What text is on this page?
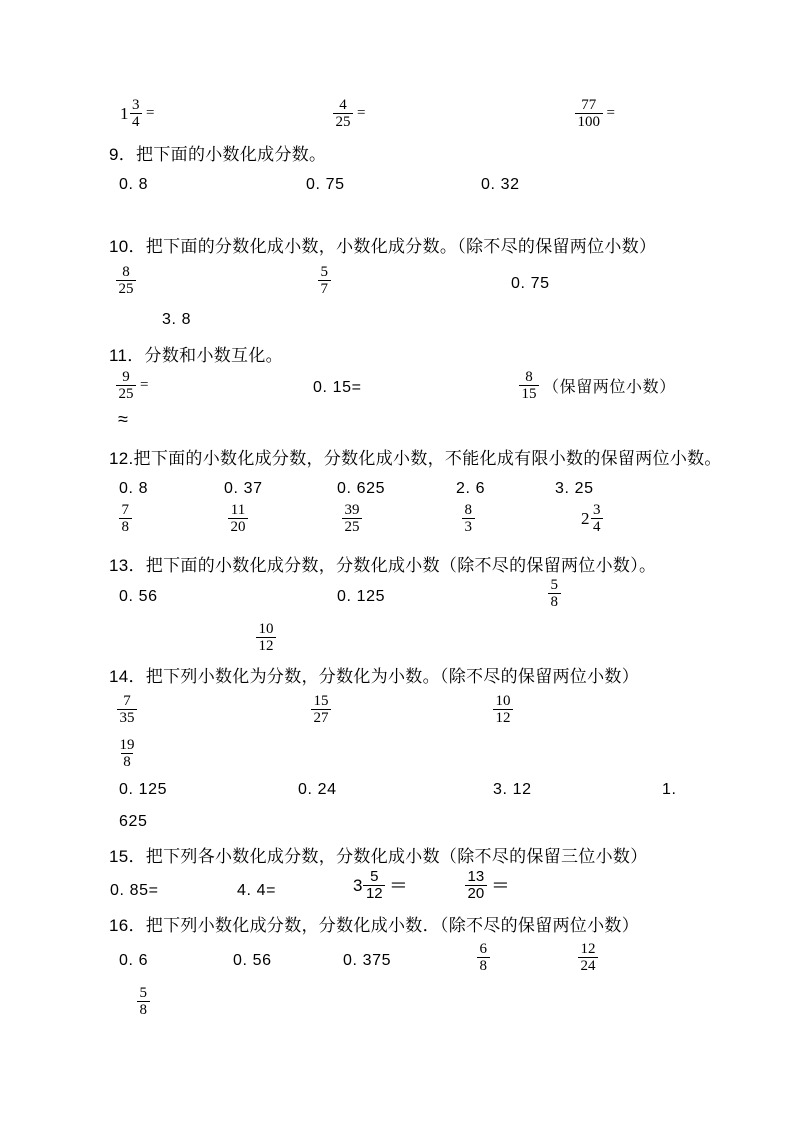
$1 \frac{3}{4}$ =	$\frac{4}{25}$ =	$\frac{77}{100}$ =
9．把下面的小数化成分数。
0. 8	0. 75	0. 32
10．把下面的分数化成小数，小数化成分数。（除不尽的保留两位小数）
$\frac{8}{25}$	$\frac{5}{7}$	0. 75
3. 8
11．分数和小数互化。
$\frac{9}{25}$ =	0. 15=	$\frac{8}{15}$ （保留两位小数）
≈
12.把下面的小数化成分数，分数化成小数，不能化成有限小数的保留两位小数。
0. 8	0. 37	0. 625	2. 6	3. 25
$\frac{7}{8}$	$\frac{11}{20}$	$\frac{39}{25}$	$\frac{8}{3}$	$2 \frac{3}{4}$
13．把下面的小数化成分数，分数化成小数（除不尽的保留两位小数）。
0. 56	0. 125	$\frac{5}{8}$
$\frac{10}{12}$
14．把下列小数化为分数，分数化为小数。（除不尽的保留两位小数）
$\frac{7}{35}$	$\frac{15}{27}$	$\frac{10}{12}$
$\frac{19}{8}$
0. 125	0. 24	3. 12	1.
625
15．把下列各小数化成分数，分数化成小数（除不尽的保留三位小数）
0. 85=	4. 4=	$3 \frac{5}{12}$ =	$\frac{13}{20}$ =
16．把下列小数化成分数，分数化成小数．（除不尽的保留两位小数）
0. 6	0. 56	0. 375	$\frac{6}{8}$	$\frac{12}{24}$
$\frac{5}{8}$
